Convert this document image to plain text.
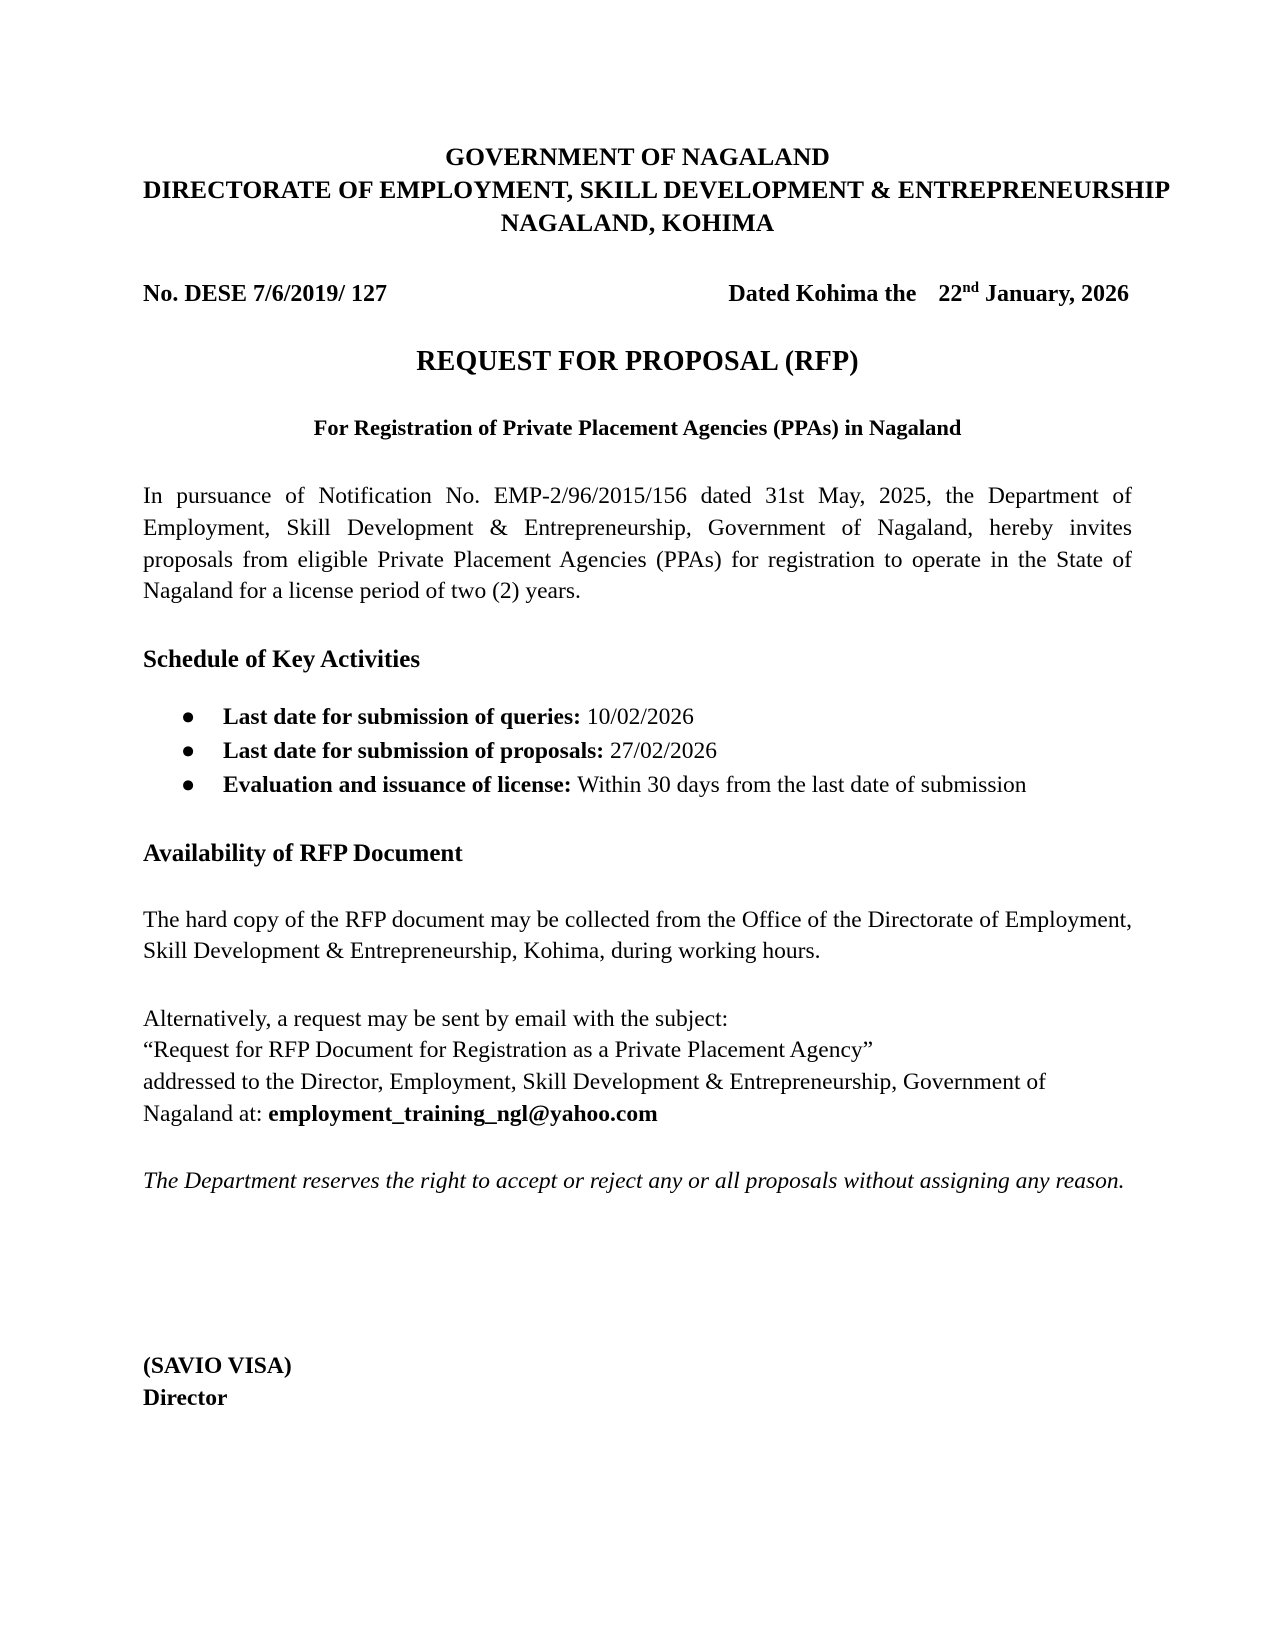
GOVERNMENT OF NAGALAND
DIRECTORATE OF EMPLOYMENT, SKILL DEVELOPMENT & ENTREPRENEURSHIP
NAGALAND, KOHIMA
No. DESE 7/6/2019/ 127	Dated Kohima the 22nd January, 2026
REQUEST FOR PROPOSAL (RFP)
For Registration of Private Placement Agencies (PPAs) in Nagaland

In pursuance of Notification No. EMP-2/96/2015/156 dated 31st May, 2025, the Department of Employment, Skill Development & Entrepreneurship, Government of Nagaland, hereby invites proposals from eligible Private Placement Agencies (PPAs) for registration to operate in the State of Nagaland for a license period of two (2) years.

Schedule of Key Activities
● Last date for submission of queries: 10/02/2026
● Last date for submission of proposals: 27/02/2026
● Evaluation and issuance of license: Within 30 days from the last date of submission
Availability of RFP Document

The hard copy of the RFP document may be collected from the Office of the Directorate of Employment, Skill Development & Entrepreneurship, Kohima, during working hours.

Alternatively, a request may be sent by email with the subject:
“Request for RFP Document for Registration as a Private Placement Agency”
addressed to the Director, Employment, Skill Development & Entrepreneurship, Government of
Nagaland at: employment_training_ngl@yahoo.com

The Department reserves the right to accept or reject any or all proposals without assigning any reason.

(SAVIO VISA)
Director
